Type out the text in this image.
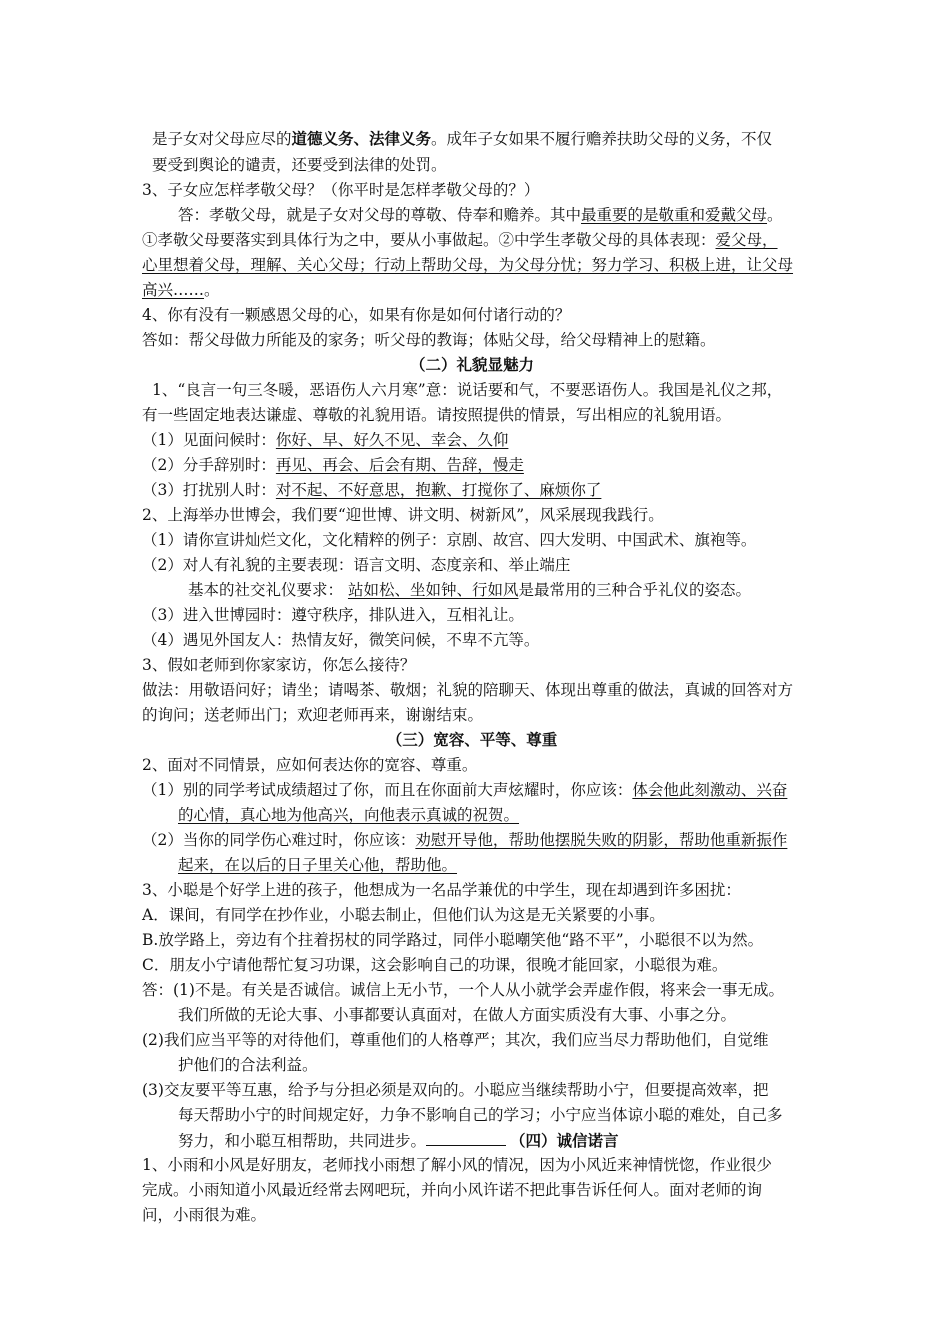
是子女对父母应尽的道德义务、法律义务。成年子女如果不履行赡养扶助父母的义务，不仅
要受到舆论的谴责，还要受到法律的处罚。
3、子女应怎样孝敬父母？（你平时是怎样孝敬父母的？）
答：孝敬父母，就是子女对父母的尊敬、侍奉和赡养。其中最重要的是敬重和爱戴父母。
①孝敬父母要落实到具体行为之中，要从小事做起。②中学生孝敬父母的具体表现：爱父母，
心里想着父母，理解、关心父母；行动上帮助父母，为父母分忧；努力学习、积极上进，让父母
高兴……。
4、你有没有一颗感恩父母的心，如果有你是如何付诸行动的？
答如：帮父母做力所能及的家务；听父母的教诲；体贴父母，给父母精神上的慰籍。
（二）礼貌显魅力
1、“良言一句三冬暖，恶语伤人六月寒”意：说话要和气，不要恶语伤人。我国是礼仪之邦，
有一些固定地表达谦虚、尊敬的礼貌用语。请按照提供的情景，写出相应的礼貌用语。
（1）见面问候时：你好、早、好久不见、幸会、久仰
（2）分手辞别时：再见、再会、后会有期、告辞，慢走
（3）打扰别人时：对不起、不好意思，抱歉、打搅你了、麻烦你了
2、上海举办世博会，我们要“迎世博、讲文明、树新风”，风采展现我践行。
（1）请你宣讲灿烂文化，文化精粹的例子：京剧、故宫、四大发明、中国武术、旗袍等。
（2）对人有礼貌的主要表现：语言文明、态度亲和、举止端庄
基本的社交礼仪要求： 站如松、坐如钟、行如风是最常用的三种合乎礼仪的姿态。
（3）进入世博园时：遵守秩序，排队进入，互相礼让。
（4）遇见外国友人：热情友好，微笑问候，不卑不亢等。
3、假如老师到你家家访，你怎么接待？
做法：用敬语问好；请坐；请喝茶、敬烟；礼貌的陪聊天、体现出尊重的做法，真诚的回答对方
的询问；送老师出门；欢迎老师再来，谢谢结束。
（三）宽容、平等、尊重
2、面对不同情景，应如何表达你的宽容、尊重。
（1）别的同学考试成绩超过了你，而且在你面前大声炫耀时，你应该：体会他此刻激动、兴奋
的心情，真心地为他高兴，向他表示真诚的祝贺。
（2）当你的同学伤心难过时，你应该：劝慰开导他，帮助他摆脱失败的阴影，帮助他重新振作
起来，在以后的日子里关心他，帮助他。
3、小聪是个好学上进的孩子，他想成为一名品学兼优的中学生，现在却遇到许多困扰：
A．课间，有同学在抄作业，小聪去制止，但他们认为这是无关紧要的小事。
B.放学路上，旁边有个拄着拐杖的同学路过，同伴小聪嘲笑他“路不平”，小聪很不以为然。
C．朋友小宁请他帮忙复习功课，这会影响自己的功课，很晚才能回家，小聪很为难。
答：(1)不是。有关是否诚信。诚信上无小节，一个人从小就学会弄虚作假，将来会一事无成。
我们所做的无论大事、小事都要认真面对，在做人方面实质没有大事、小事之分。
(2)我们应当平等的对待他们，尊重他们的人格尊严；其次，我们应当尽力帮助他们，自觉维
护他们的合法利益。
(3)交友要平等互惠，给予与分担必须是双向的。小聪应当继续帮助小宁，但要提高效率，把
每天帮助小宁的时间规定好，力争不影响自己的学习；小宁应当体谅小聪的难处，自己多
努力，和小聪互相帮助，共同进步。	（四）诚信诺言
1、小雨和小风是好朋友，老师找小雨想了解小风的情况，因为小风近来神情恍惚，作业很少
完成。小雨知道小风最近经常去网吧玩，并向小风许诺不把此事告诉任何人。面对老师的询
问，小雨很为难。
